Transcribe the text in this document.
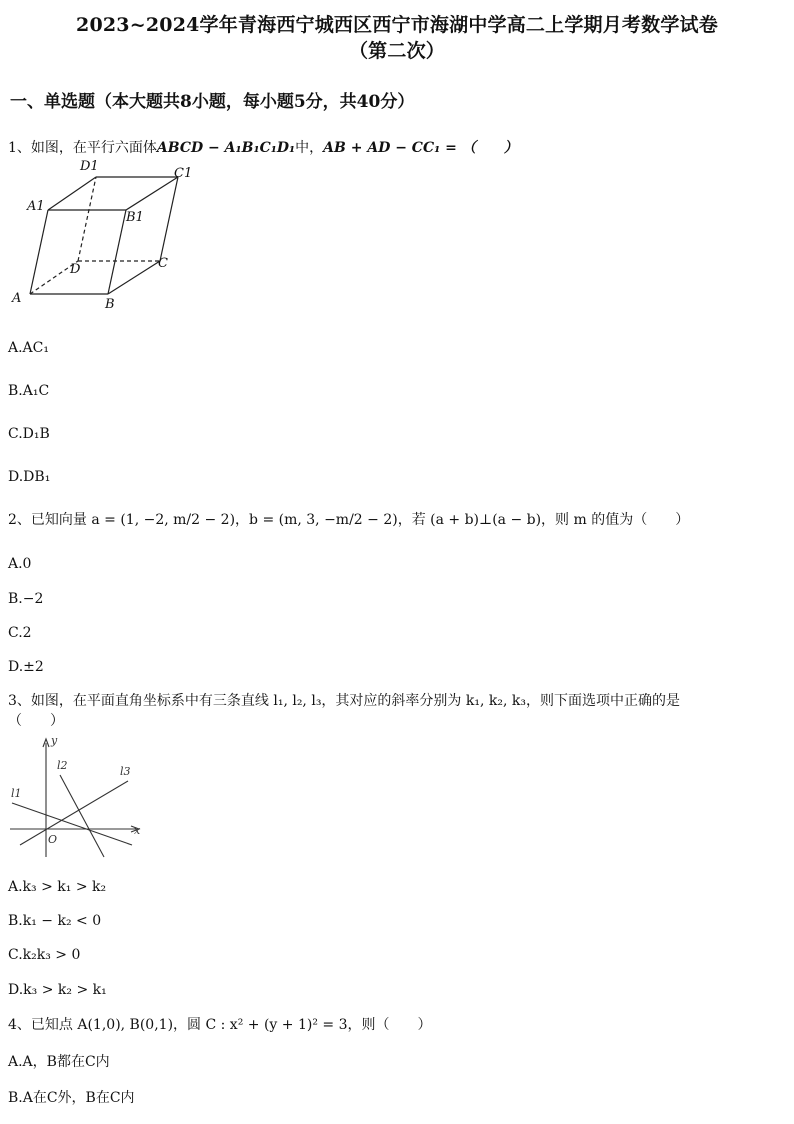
2023~2024学年青海西宁城西区西宁市海湖中学高二上学期月考数学试卷
（第二次）
一、单选题（本大题共8小题，每小题5分，共40分）
1、如图，在平行六面体ABCD − A₁B₁C₁D₁中，AB + AD − CC₁ = （　　）
D1	C1
A1
B1
D	C
A	B
A.AC₁
B.A₁C
C.D₁B
D.DB₁
2、已知向量 a = (1, −2, m/2 − 2)，b = (m, 3, −m/2 − 2)，若 (a + b)⊥(a − b)，则 m 的值为（　　）
A.0
B.−2
C.2
D.±2
3、如图，在平面直角坐标系中有三条直线 l₁, l₂, l₃，其对应的斜率分别为 k₁, k₂, k₃，则下面选项中正确的是
（　　）
y
l2	l3
l1
O
x
A.k₃ > k₁ > k₂
B.k₁ − k₂ < 0
C.k₂k₃ > 0
D.k₃ > k₂ > k₁
4、已知点 A(1,0), B(0,1)，圆 C : x² + (y + 1)² = 3，则（　　）
A.A，B都在C内
B.A在C外，B在C内
